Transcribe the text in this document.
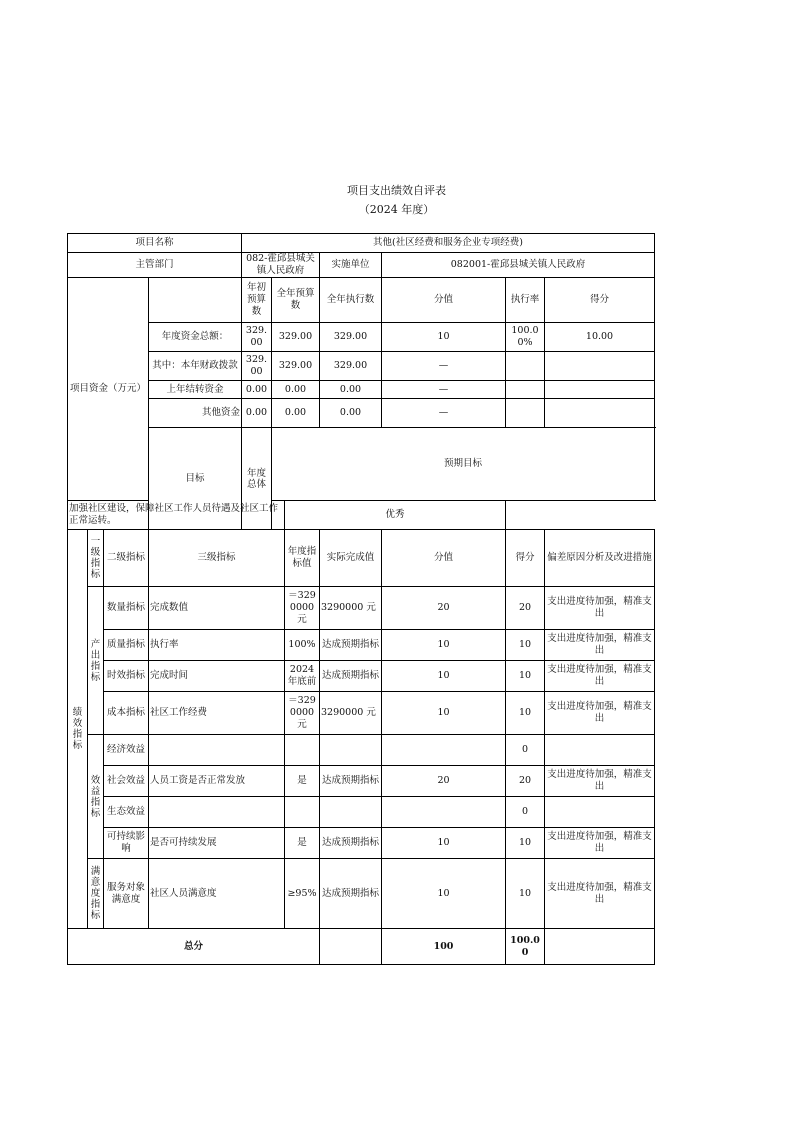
项目支出绩效自评表
（2024 年度）
项目名称				其他(社区经费和服务企业专项经费)							
主管部门				082-霍邱县城关镇人民政府			实施单位	082001-霍邱县城关镇人民政府			
项目资金（万元）				年初预算数	全年预算数		全年执行数	分值	执行率	得分	
			年度资金总额：	329.00	329.00		329.00	10	100.00%	10.00	
			其中：本年财政拨款	329.00	329.00		329.00	—			
			上年结转资金	0.00	0.00		0.00	—			
			其他资金	0.00	0.00		0.00	—			
			目标	年度总体	预期目标	
加强社区建设，保障社区工作人员待遇及社区工作正常运转。						优秀					
绩效指标	一级指标	二级指标	三级指标			年度指标值	实际完成值	分值	得分	偏差原因分析及改进措施	
	产出指标	数量指标	完成数值			＝3290000元	3290000 元	20	20	支出进度待加强，精准支出	
		质量指标	执行率			100%	达成预期指标	10	10	支出进度待加强，精准支出	
		时效指标	完成时间			2024 年底前	达成预期指标	10	10	支出进度待加强，精准支出	
		成本指标	社区工作经费			＝3290000元	3290000 元	10	10	支出进度待加强，精准支出	
	效益指标	经济效益							0		
		社会效益	人员工资是否正常发放			是	达成预期指标	20	20	支出进度待加强，精准支出	
		生态效益							0		
		可持续影响	是否可持续发展			是	达成预期指标	10	10	支出进度待加强，精准支出	
	满意度指标	服务对象满意度	社区人员满意度			≥95%	达成预期指标	10	10	支出进度待加强，精准支出	
总分								100	100.00		
